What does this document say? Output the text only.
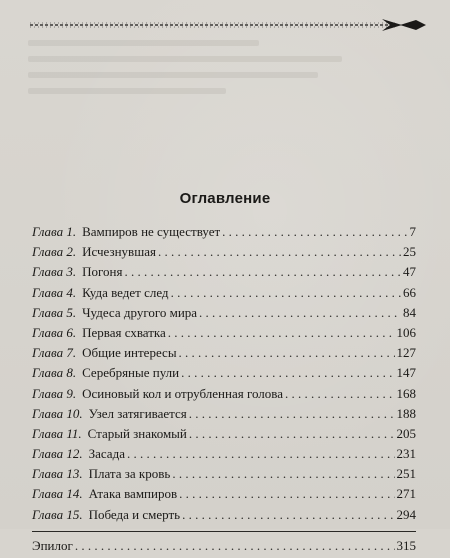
Оглавление
Глава 1. Вампиров не существует . . .	7
Глава 2. Исчезнувшая . . .	25
Глава 3. Погоня . . .	47
Глава 4. Куда ведет след . . .	66
Глава 5. Чудеса другого мира . . .	84
Глава 6. Первая схватка . . .	106
Глава 7. Общие интересы . . .	127
Глава 8. Серебряные пули . . .	147
Глава 9. Осиновый кол и отрубленная голова . . .	168
Глава 10. Узел затягивается . . .	188
Глава 11. Старый знакомый . . .	205
Глава 12. Засада . . .	231
Глава 13. Плата за кровь . . .	251
Глава 14. Атака вампиров . . .	271
Глава 15. Победа и смерть . . .	294
Эпилог . . .	315
